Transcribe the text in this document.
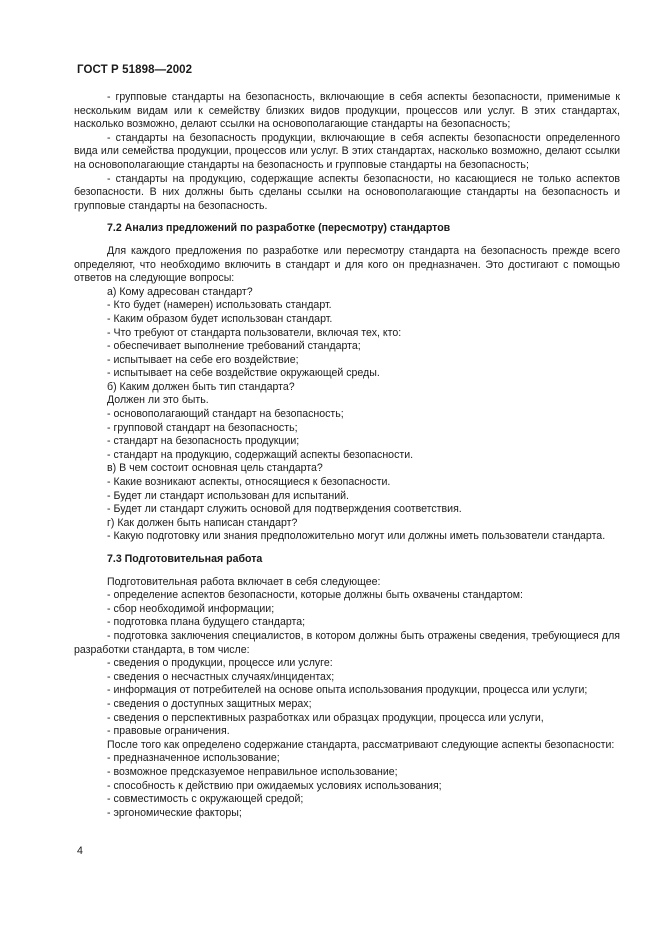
ГОСТ Р 51898—2002

- групповые стандарты на безопасность, включающие в себя аспекты безопасности, применимые к нескольким видам или к семейству близких видов продукции, процессов или услуг. В этих стандартах, насколько возможно, делают ссылки на основополагающие стандарты на безопасность;

- стандарты на безопасность продукции, включающие в себя аспекты безопасности определенного вида или семейства продукции, процессов или услуг. В этих стандартах, насколько возможно, делают ссылки на основополагающие стандарты на безопасность и групповые стандарты на безопасность;

- стандарты на продукцию, содержащие аспекты безопасности, но касающиеся не только аспектов безопасности. В них должны быть сделаны ссылки на основополагающие стандарты на безопасность и групповые стандарты на безопасность.

7.2 Анализ предложений по разработке (пересмотру) стандартов

Для каждого предложения по разработке или пересмотру стандарта на безопасность прежде всего определяют, что необходимо включить в стандарт и для кого он предназначен. Это достигают с помощью ответов на следующие вопросы:

а) Кому адресован стандарт?

- Кто будет (намерен) использовать стандарт.

- Каким образом будет использован стандарт.

- Что требуют от стандарта пользователи, включая тех, кто:

- обеспечивает выполнение требований стандарта;

- испытывает на себе его воздействие;

- испытывает на себе воздействие окружающей среды.

б) Каким должен быть тип стандарта?

Должен ли это быть.

- основополагающий стандарт на безопасность;

- групповой стандарт на безопасность;

- стандарт на безопасность продукции;

- стандарт на продукцию, содержащий аспекты безопасности.

в) В чем состоит основная цель стандарта?

- Какие возникают аспекты, относящиеся к безопасности.

- Будет ли стандарт использован для испытаний.

- Будет ли стандарт служить основой для подтверждения соответствия.

г) Как должен быть написан стандарт?

- Какую подготовку или знания предположительно могут или должны иметь пользователи стандарта.

7.3 Подготовительная работа

Подготовительная работа включает в себя следующее:

- определение аспектов безопасности, которые должны быть охвачены стандартом:

- сбор необходимой информации;

- подготовка плана будущего стандарта;

- подготовка заключения специалистов, в котором должны быть отражены сведения, требующиеся для разработки стандарта, в том числе:

- сведения о продукции, процессе или услуге:

- сведения о несчастных случаях/инцидентах;

- информация от потребителей на основе опыта использования продукции, процесса или услуги;

- сведения о доступных защитных мерах;

- сведения о перспективных разработках или образцах продукции, процесса или услуги,

- правовые ограничения.

После того как определено содержание стандарта, рассматривают следующие аспекты безопасности:

- предназначенное использование;

- возможное предсказуемое неправильное использование;

- способность к действию при ожидаемых условиях использования;

- совместимость с окружающей средой;

- эргономические факторы;

4
